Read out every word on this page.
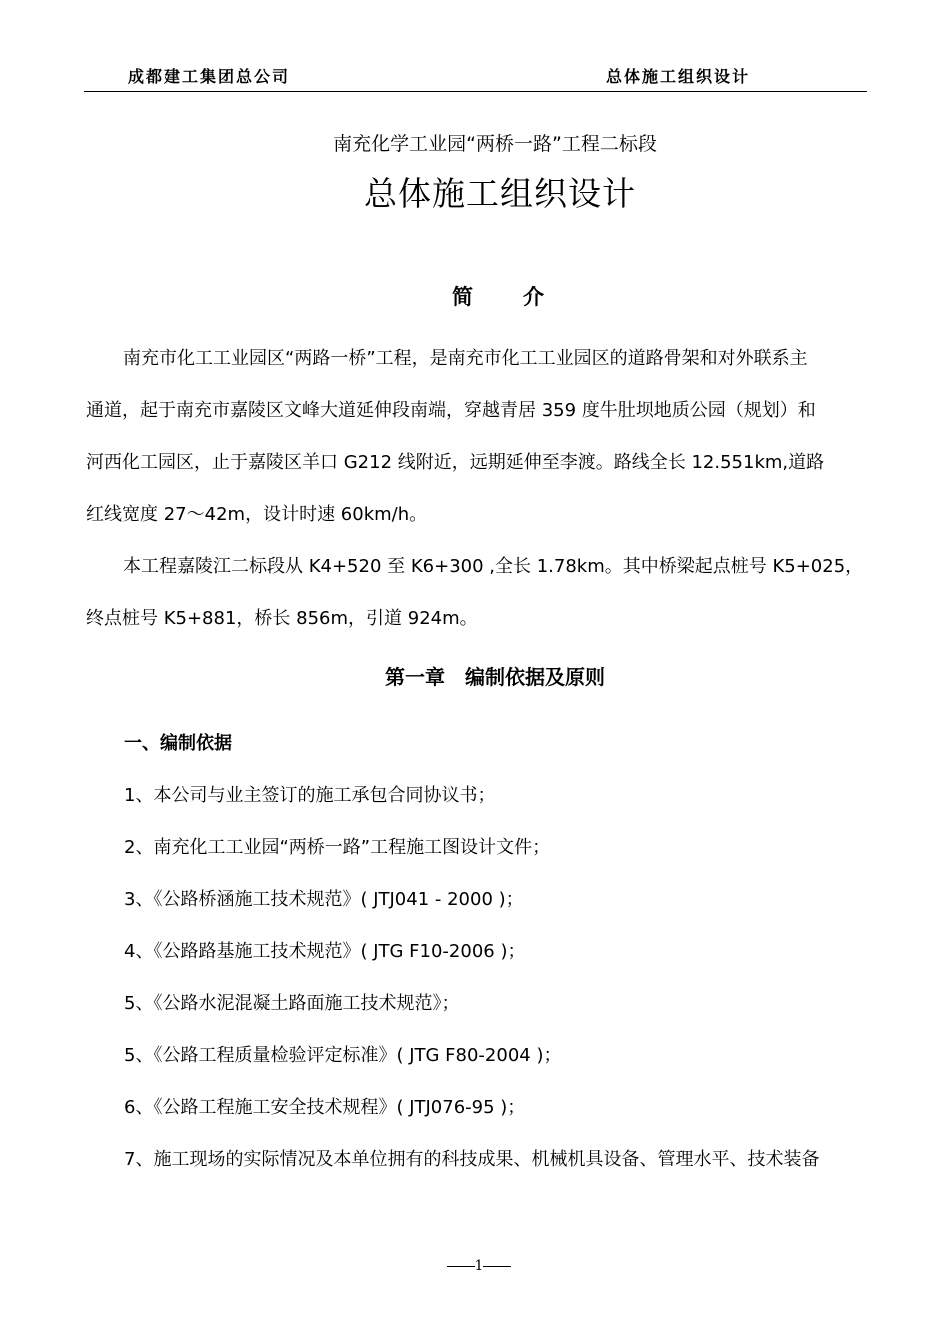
成都建工集团总公司	总体施工组织设计
南充化学工业园“两桥一路”工程二标段
总体施工组织设计
简 介
南充市化工工业园区“两路一桥”工程，是南充市化工工业园区的道路骨架和对外联系主
通道，起于南充市嘉陵区文峰大道延伸段南端，穿越青居 359 度牛肚坝地质公园（规划）和
河西化工园区，止于嘉陵区羊口 G212 线附近，远期延伸至李渡。路线全长 12.551km,道路
红线宽度 27～42m，设计时速 60km/h。
本工程嘉陵江二标段从 K4+520 至 K6+300 ,全长 1.78km。其中桥梁起点桩号 K5+025，
终点桩号 K5+881，桥长 856m，引道 924m。
第一章　编制依据及原则
一、编制依据
1、本公司与业主签订的施工承包合同协议书；
2、南充化工工业园“两桥一路”工程施工图设计文件；
3、《公路桥涵施工技术规范》( JTJ041 - 2000 )；
4、《公路路基施工技术规范》( JTG F10-2006 )；
5、《公路水泥混凝土路面施工技术规范》；
5、《公路工程质量检验评定标准》( JTG F80-2004 )；
6、《公路工程施工安全技术规程》( JTJ076-95 )；
7、施工现场的实际情况及本单位拥有的科技成果、机械机具设备、管理水平、技术装备
1
